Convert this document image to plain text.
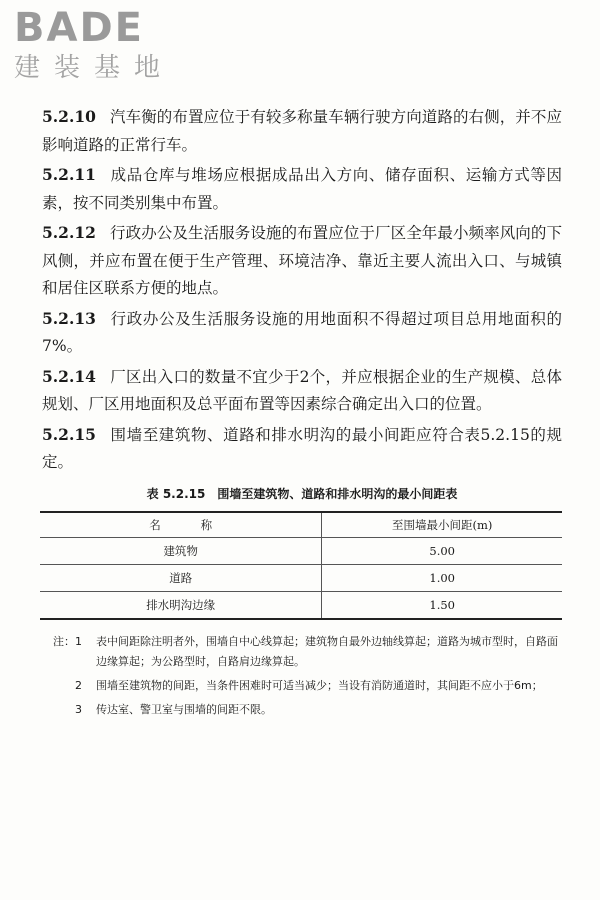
BADE
建装基地

5.2.10 汽车衡的布置应位于有较多称量车辆行驶方向道路的右侧，并不应影响道路的正常行车。

5.2.11 成品仓库与堆场应根据成品出入方向、储存面积、运输方式等因素，按不同类别集中布置。

5.2.12 行政办公及生活服务设施的布置应位于厂区全年最小频率风向的下风侧，并应布置在便于生产管理、环境洁净、靠近主要人流出入口、与城镇和居住区联系方便的地点。

5.2.13 行政办公及生活服务设施的用地面积不得超过项目总用地面积的7%。

5.2.14 厂区出入口的数量不宜少于2个，并应根据企业的生产规模、总体规划、厂区用地面积及总平面布置等因素综合确定出入口的位置。

5.2.15 围墙至建筑物、道路和排水明沟的最小间距应符合表5.2.15的规定。

表 5.2.15　围墙至建筑物、道路和排水明沟的最小间距表
名称	至围墙最小间距(m)
建筑物	5.00
道路	1.00
排水明沟边缘	1.50
注：1	表中间距除注明者外，围墙自中心线算起；建筑物自最外边轴线算起；道路为城市型时，自路面边缘算起；为公路型时，自路肩边缘算起。
2	围墙至建筑物的间距，当条件困难时可适当减少；当设有消防通道时，其间距不应小于6m；
3	传达室、警卫室与围墙的间距不限。
